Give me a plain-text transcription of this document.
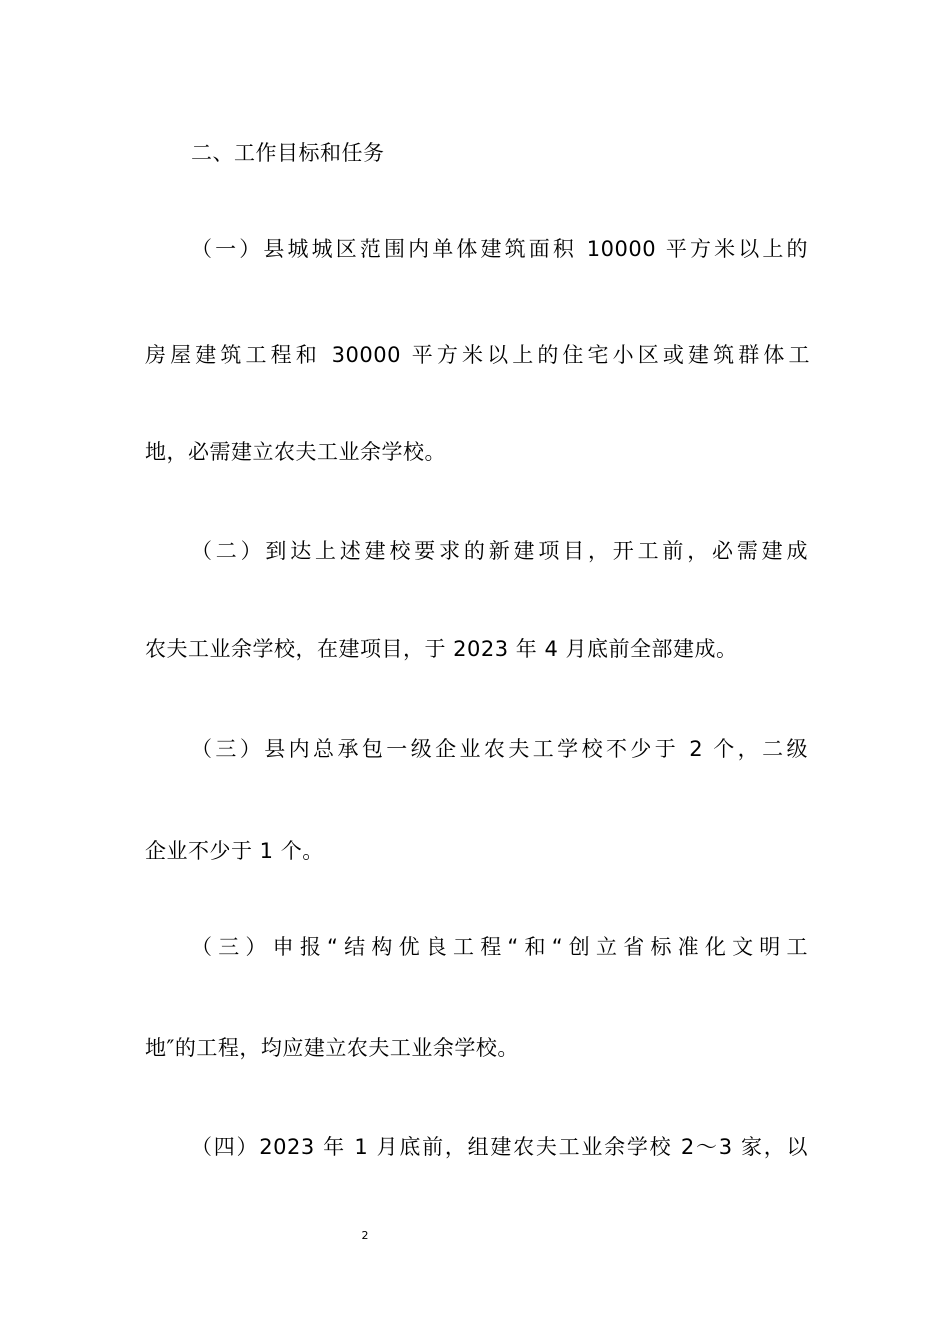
二、工作目标和任务
（一）县城城区范围内单体建筑面积 10000 平方米以上的
房屋建筑工程和 30000 平方米以上的住宅小区或建筑群体工
地，必需建立农夫工业余学校。
（二）到达上述建校要求的新建项目，开工前，必需建成
农夫工业余学校，在建项目，于 2023 年 4 月底前全部建成。
（三）县内总承包一级企业农夫工学校不少于 2 个，二级
企业不少于 1 个。
（三）申报“结构优良工程“和“创立省标准化文明工
地″的工程，均应建立农夫工业余学校。
（四）2023 年 1 月底前，组建农夫工业余学校 2～3 家，以
2
